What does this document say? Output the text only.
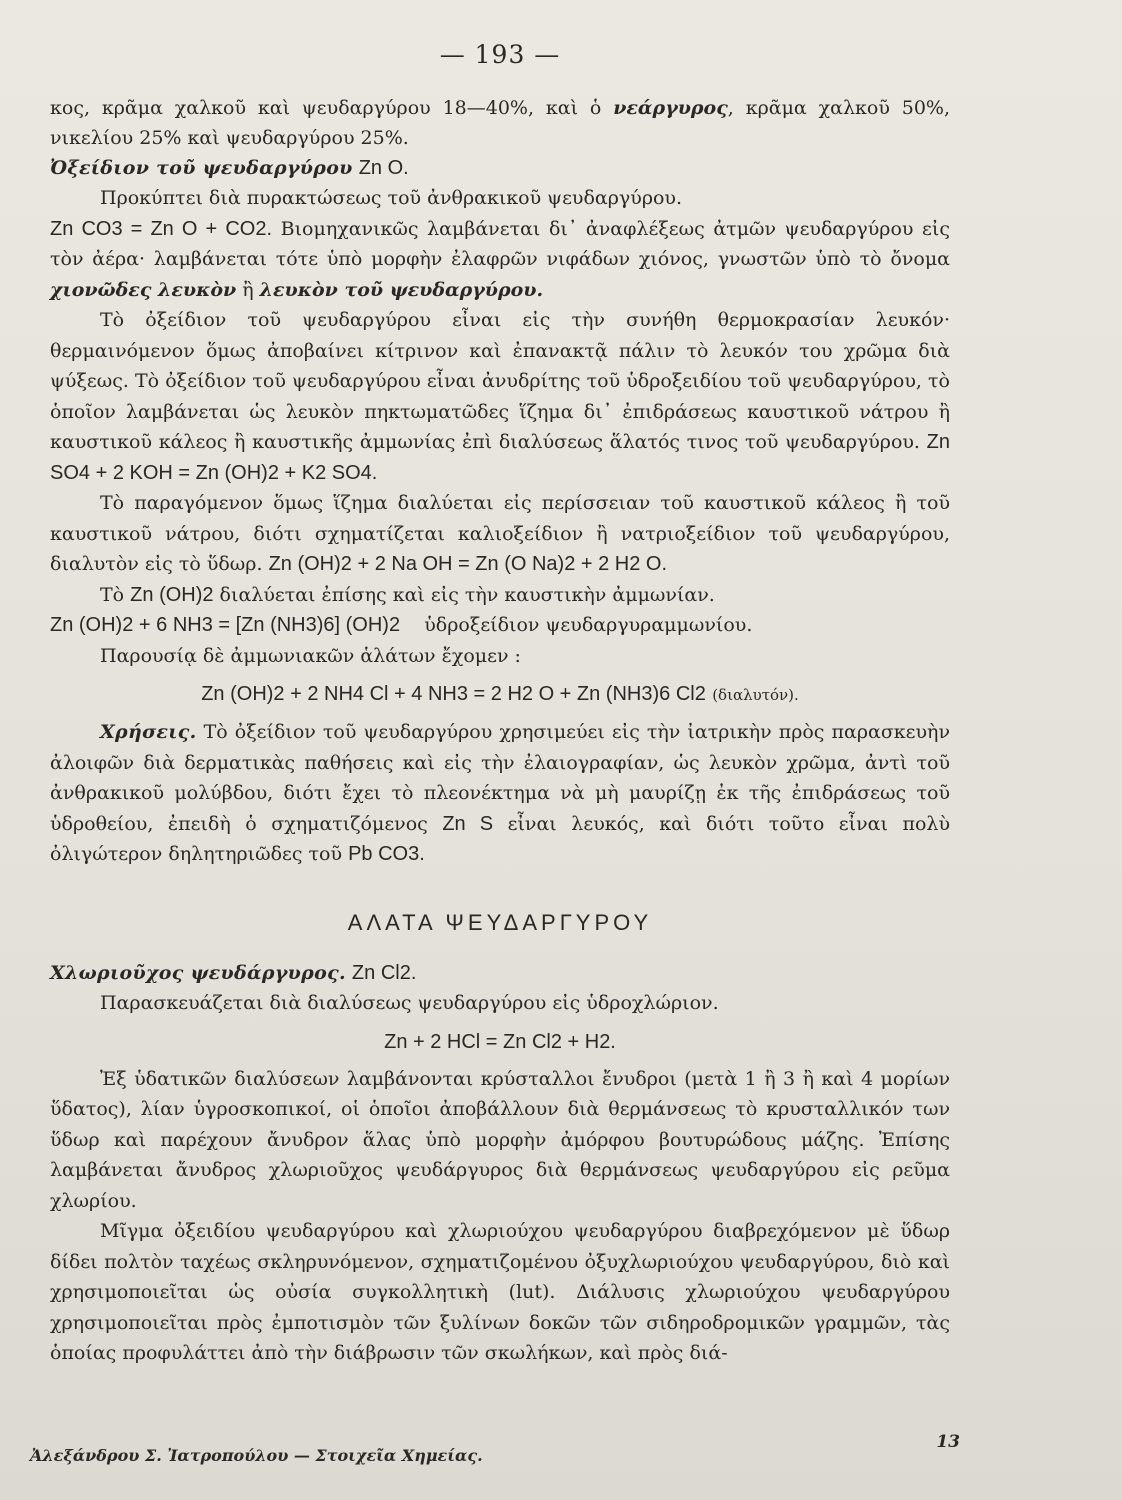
— 193 —

κος, κρᾶμα χαλκοῦ καὶ ψευδαργύρου 18—40%, καὶ ὁ νεάργυρος, κρᾶμα χαλκοῦ 50%, νικελίου 25% καὶ ψευδαργύρου 25%.

Ὀξείδιον τοῦ ψευδαργύρου Zn O.

Προκύπτει διὰ πυρακτώσεως τοῦ ἀνθρακικοῦ ψευδαργύρου.

Zn CO3 = Zn O + CO2. Βιομηχανικῶς λαμβάνεται δι᾽ ἀναφλέξεως ἀτμῶν ψευδαργύρου εἰς τὸν ἀέρα· λαμβάνεται τότε ὑπὸ μορφὴν ἐλαφρῶν νιφάδων χιόνος, γνωστῶν ὑπὸ τὸ ὄνομα χιονῶδες λευκὸν ἢ λευκὸν τοῦ ψευδαργύρου.

Τὸ ὀξείδιον τοῦ ψευδαργύρου εἶναι εἰς τὴν συνήθη θερμοκρασίαν λευκόν· θερμαινόμενον ὅμως ἀποβαίνει κίτρινον καὶ ἐπανακτᾷ πάλιν τὸ λευκόν του χρῶμα διὰ ψύξεως. Τὸ ὀξείδιον τοῦ ψευδαργύρου εἶναι ἀνυδρίτης τοῦ ὑδροξειδίου τοῦ ψευδαργύρου, τὸ ὁποῖον λαμβάνεται ὡς λευκὸν πηκτωματῶδες ἵζημα δι᾽ ἐπιδράσεως καυστικοῦ νάτρου ἢ καυστικοῦ κάλεος ἢ καυστικῆς ἀμμωνίας ἐπὶ διαλύσεως ἅλατός τινος τοῦ ψευδαργύρου. Zn SO4 + 2 KOH = Zn (OH)2 + K2 SO4.

Τὸ παραγόμενον ὅμως ἵζημα διαλύεται εἰς περίσσειαν τοῦ καυστικοῦ κάλεος ἢ τοῦ καυστικοῦ νάτρου, διότι σχηματίζεται καλιοξείδιον ἢ νατριοξείδιον τοῦ ψευδαργύρου, διαλυτὸν εἰς τὸ ὕδωρ. Zn (OH)2 + 2 Na OH = Zn (O Na)2 + 2 H2 O.

Τὸ Zn (OH)2 διαλύεται ἐπίσης καὶ εἰς τὴν καυστικὴν ἀμμωνίαν.

Zn (OH)2 + 6 NH3 = [Zn (NH3)6] (OH)2 ὑδροξείδιον ψευδαργυραμμωνίου.

Παρουσίᾳ δὲ ἀμμωνιακῶν ἁλάτων ἔχομεν :

Zn (OH)2 + 2 NH4 Cl + 4 NH3 = 2 H2 O + Zn (NH3)6 Cl2 (διαλυτόν).

Χρήσεις. Τὸ ὀξείδιον τοῦ ψευδαργύρου χρησιμεύει εἰς τὴν ἰατρικὴν πρὸς παρασκευὴν ἀλοιφῶν διὰ δερματικὰς παθήσεις καὶ εἰς τὴν ἐλαιογραφίαν, ὡς λευκὸν χρῶμα, ἀντὶ τοῦ ἀνθρακικοῦ μολύβδου, διότι ἔχει τὸ πλεονέκτημα νὰ μὴ μαυρίζῃ ἐκ τῆς ἐπιδράσεως τοῦ ὑδροθείου, ἐπειδὴ ὁ σχηματιζόμενος Zn S εἶναι λευκός, καὶ διότι τοῦτο εἶναι πολὺ ὀλιγώτερον δηλητηριῶδες τοῦ Pb CO3.

ΑΛΑΤΑ ΨΕΥΔΑΡΓΥΡΟΥ

Χλωριοῦχος ψευδάργυρος. Zn Cl2.

Παρασκευάζεται διὰ διαλύσεως ψευδαργύρου εἰς ὑδροχλώριον.

Zn + 2 HCl = Zn Cl2 + H2.

Ἐξ ὑδατικῶν διαλύσεων λαμβάνονται κρύσταλλοι ἔνυδροι (μετὰ 1 ἢ 3 ἢ καὶ 4 μορίων ὕδατος), λίαν ὑγροσκοπικοί, οἱ ὁποῖοι ἀποβάλλουν διὰ θερμάνσεως τὸ κρυσταλλικόν των ὕδωρ καὶ παρέχουν ἄνυδρον ἅλας ὑπὸ μορφὴν ἀμόρφου βουτυρώδους μάζης. Ἐπίσης λαμβάνεται ἄνυδρος χλωριοῦχος ψευδάργυρος διὰ θερμάνσεως ψευδαργύρου εἰς ρεῦμα χλωρίου.

Μῖγμα ὀξειδίου ψευδαργύρου καὶ χλωριούχου ψευδαργύρου διαβρεχόμενον μὲ ὕδωρ δίδει πολτὸν ταχέως σκληρυνόμενον, σχηματιζομένου ὀξυχλωριούχου ψευδαργύρου, διὸ καὶ χρησιμοποιεῖται ὡς οὐσία συγκολλητικὴ (lut). Διάλυσις χλωριούχου ψευδαργύρου χρησιμοποιεῖται πρὸς ἐμποτισμὸν τῶν ξυλίνων δοκῶν τῶν σιδηροδρομικῶν γραμμῶν, τὰς ὁποίας προφυλάττει ἀπὸ τὴν διάβρωσιν τῶν σκωλήκων, καὶ πρὸς διά-

Ἀλεξάνδρου Σ. Ἰατροπούλου — Στοιχεῖα Χημείας.
13
